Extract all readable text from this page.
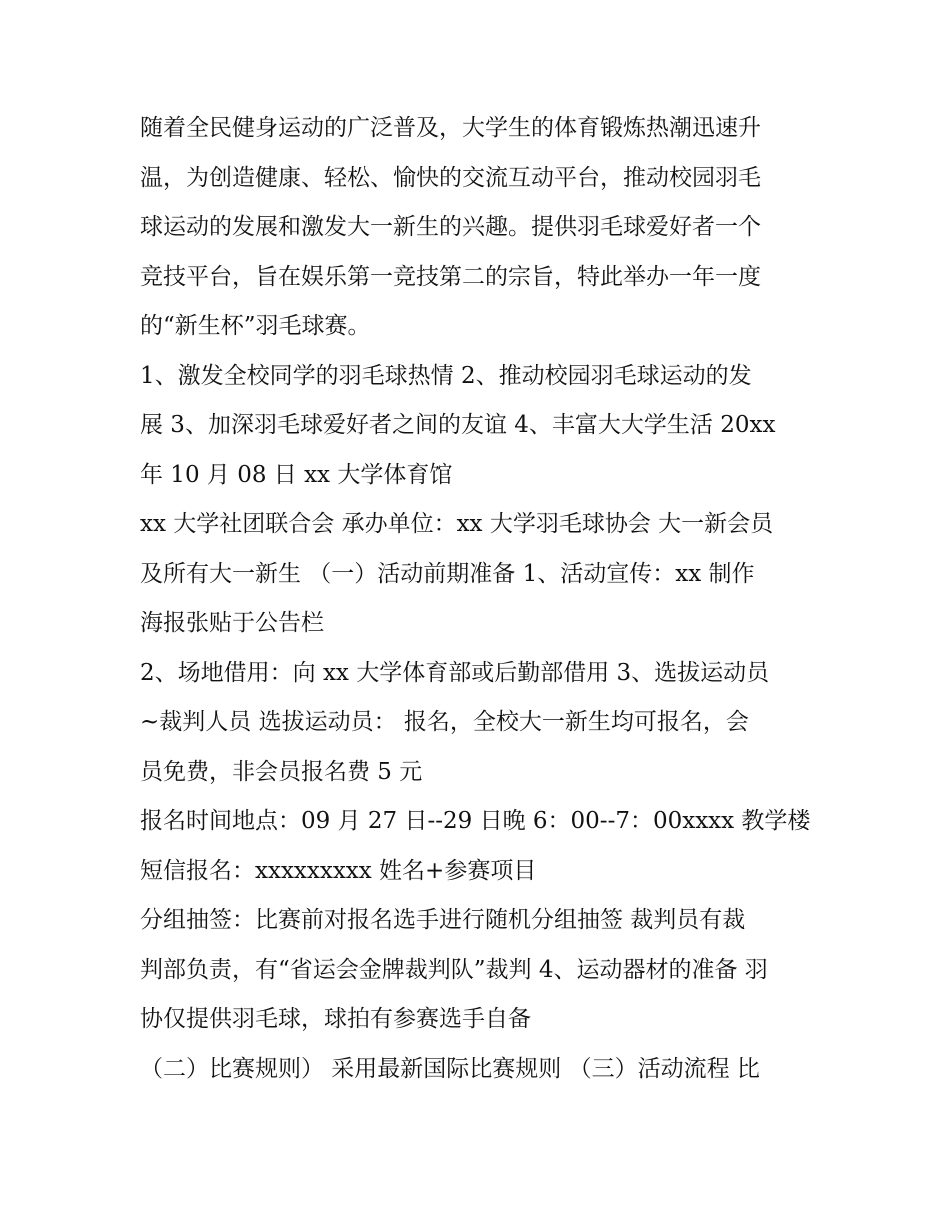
随着全民健身运动的广泛普及，大学生的体育锻炼热潮迅速升
温，为创造健康、轻松、愉快的交流互动平台，推动校园羽毛
球运动的发展和激发大一新生的兴趣。提供羽毛球爱好者一个
竞技平台，旨在娱乐第一竞技第二的宗旨，特此举办一年一度
的“新生杯”羽毛球赛。
1、激发全校同学的羽毛球热情 2、推动校园羽毛球运动的发
展 3、加深羽毛球爱好者之间的友谊 4、丰富大大学生活 20xx
年 10 月 08 日 xx 大学体育馆
xx 大学社团联合会 承办单位：xx 大学羽毛球协会 大一新会员
及所有大一新生 （一）活动前期准备 1、活动宣传：xx 制作
海报张贴于公告栏
2、场地借用：向 xx 大学体育部或后勤部借用 3、选拔运动员
~裁判人员 选拔运动员： 报名，全校大一新生均可报名，会
员免费，非会员报名费 5 元
报名时间地点：09 月 27 日--29 日晚 6：00--7：00xxxx 教学楼
短信报名：xxxxxxxxx 姓名+参赛项目
分组抽签：比赛前对报名选手进行随机分组抽签 裁判员有裁
判部负责，有“省运会金牌裁判队”裁判 4、运动器材的准备 羽
协仅提供羽毛球，球拍有参赛选手自备
（二）比赛规则） 采用最新国际比赛规则 （三）活动流程 比
